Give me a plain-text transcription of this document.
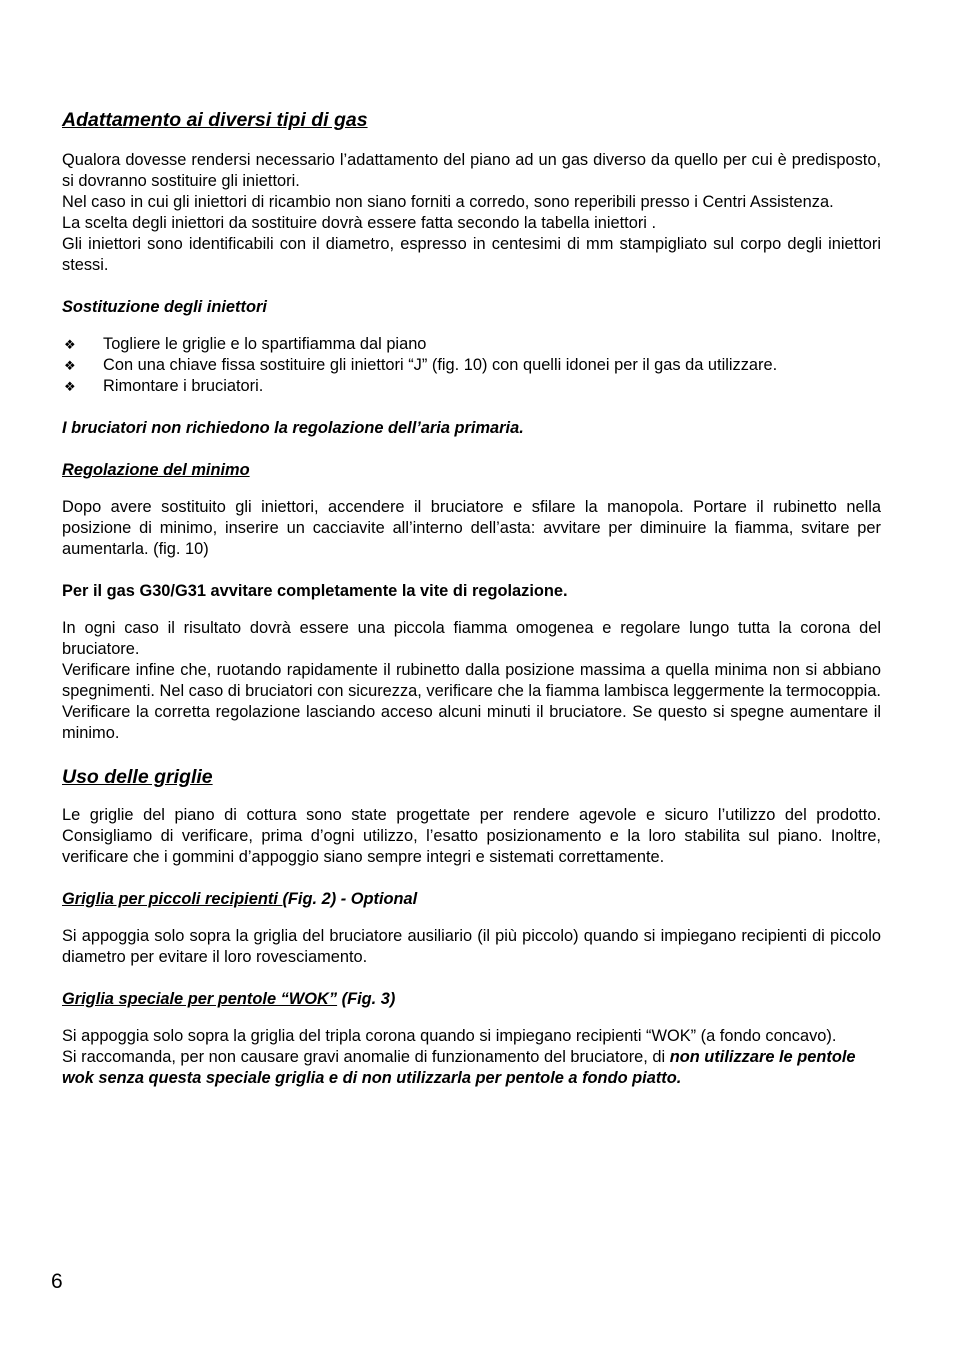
Adattamento ai diversi tipi di gas

Qualora dovesse rendersi necessario l’adattamento del piano ad un gas diverso da quello per cui è predisposto, si dovranno sostituire gli iniettori.

Nel caso in cui gli iniettori di ricambio non siano forniti a corredo, sono reperibili presso i Centri Assistenza.

La scelta degli iniettori da sostituire dovrà essere fatta secondo la tabella iniettori .

Gli iniettori sono identificabili con il diametro, espresso in centesimi di mm stampigliato sul corpo degli iniettori stessi.

Sostituzione degli iniettori
❖ Togliere le griglie e lo spartifiamma dal piano
❖ Con una chiave fissa sostituire gli iniettori “J” (fig. 10) con quelli idonei per il gas da utilizzare.
❖ Rimontare i bruciatori.

I bruciatori non richiedono la regolazione dell’aria primaria.

Regolazione del minimo

Dopo avere sostituito gli iniettori, accendere il bruciatore e sfilare la manopola. Portare il rubinetto nella posizione di minimo, inserire un cacciavite all’interno dell’asta: avvitare per diminuire la fiamma, svitare per aumentarla. (fig. 10)

Per il gas G30/G31 avvitare completamente la vite di regolazione.

In ogni caso il risultato dovrà essere una piccola fiamma omogenea e regolare lungo tutta la corona del bruciatore.

Verificare infine che, ruotando rapidamente il rubinetto dalla posizione massima a quella minima non si abbiano spegnimenti. Nel caso di bruciatori con sicurezza, verificare che la fiamma lambisca leggermente la termocoppia. Verificare la corretta regolazione lasciando acceso alcuni minuti il bruciatore. Se questo si spegne aumentare il minimo.

Uso delle griglie

Le griglie del piano di cottura sono state progettate per rendere agevole e sicuro l’utilizzo del prodotto. Consigliamo di verificare, prima d’ogni utilizzo, l’esatto posizionamento e la loro stabilita sul piano. Inoltre, verificare che i gommini d’appoggio siano sempre integri e sistemati correttamente.

Griglia per piccoli recipienti (Fig. 2) - Optional

Si appoggia solo sopra la griglia del bruciatore ausiliario (il più piccolo) quando si impiegano recipienti di piccolo diametro per evitare il loro rovesciamento.

Griglia speciale per pentole “WOK” (Fig. 3)

Si appoggia solo sopra la griglia del tripla corona quando si impiegano recipienti “WOK” (a fondo concavo).

Si raccomanda, per non causare gravi anomalie di funzionamento del bruciatore, di non utilizzare le pentole wok senza questa speciale griglia e di non utilizzarla per pentole a fondo piatto.

6
